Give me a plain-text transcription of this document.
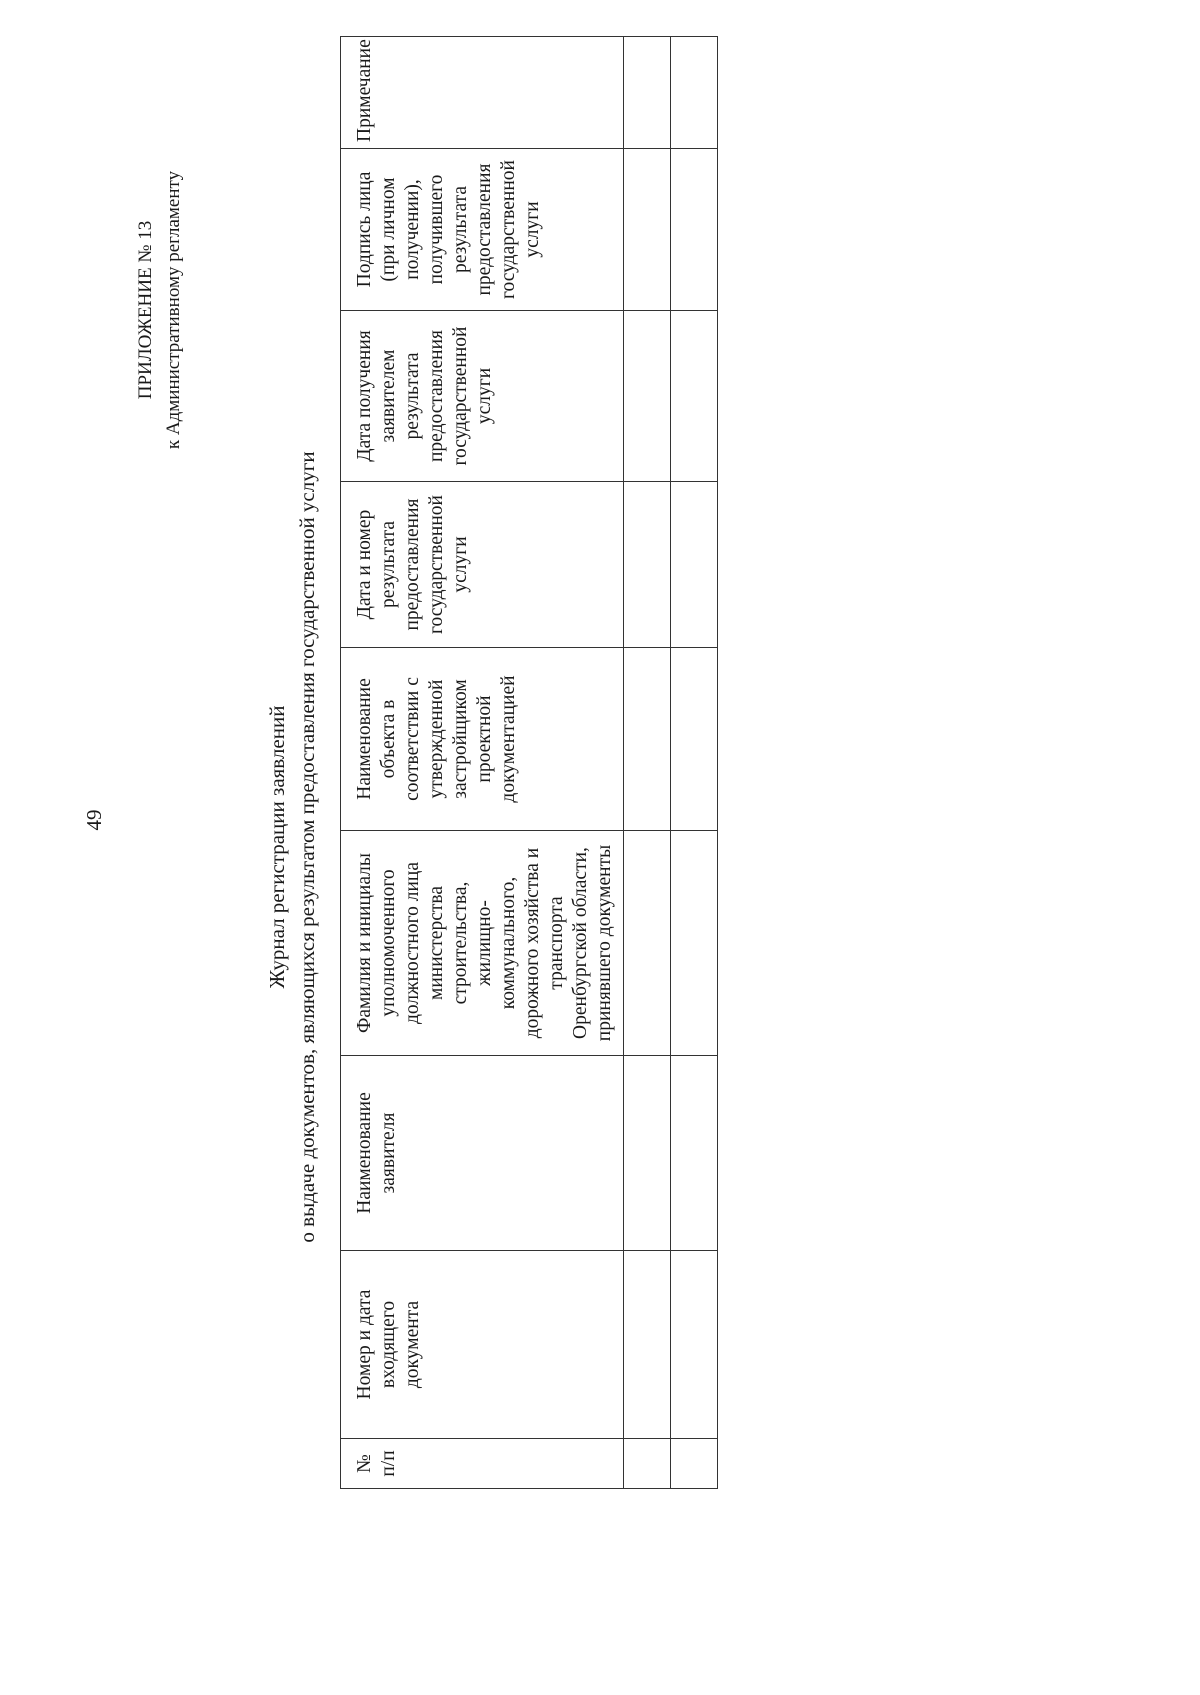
49
ПРИЛОЖЕНИЕ № 13 к Административному регламенту
Журнал регистрации заявлений о выдаче документов, являющихся результатом предоставления государственной услуги
№ п/п	Номер и дата входящего документа	Наименование заявителя	Фамилия и инициалы уполномоченного должностного лица министерства строительства, жилищно-коммунального, дорожного хозяйства и транспорта Оренбургской области, принявшего документы	Наименование объекта в соответствии с утвержденной застройщиком проектной документацией	Дата и номер результата предоставления государственной услуги	Дата получения заявителем результата предоставления государственной услуги	Подпись лица (при личном получении), получившего результата предоставления государственной услуги	Примечание
